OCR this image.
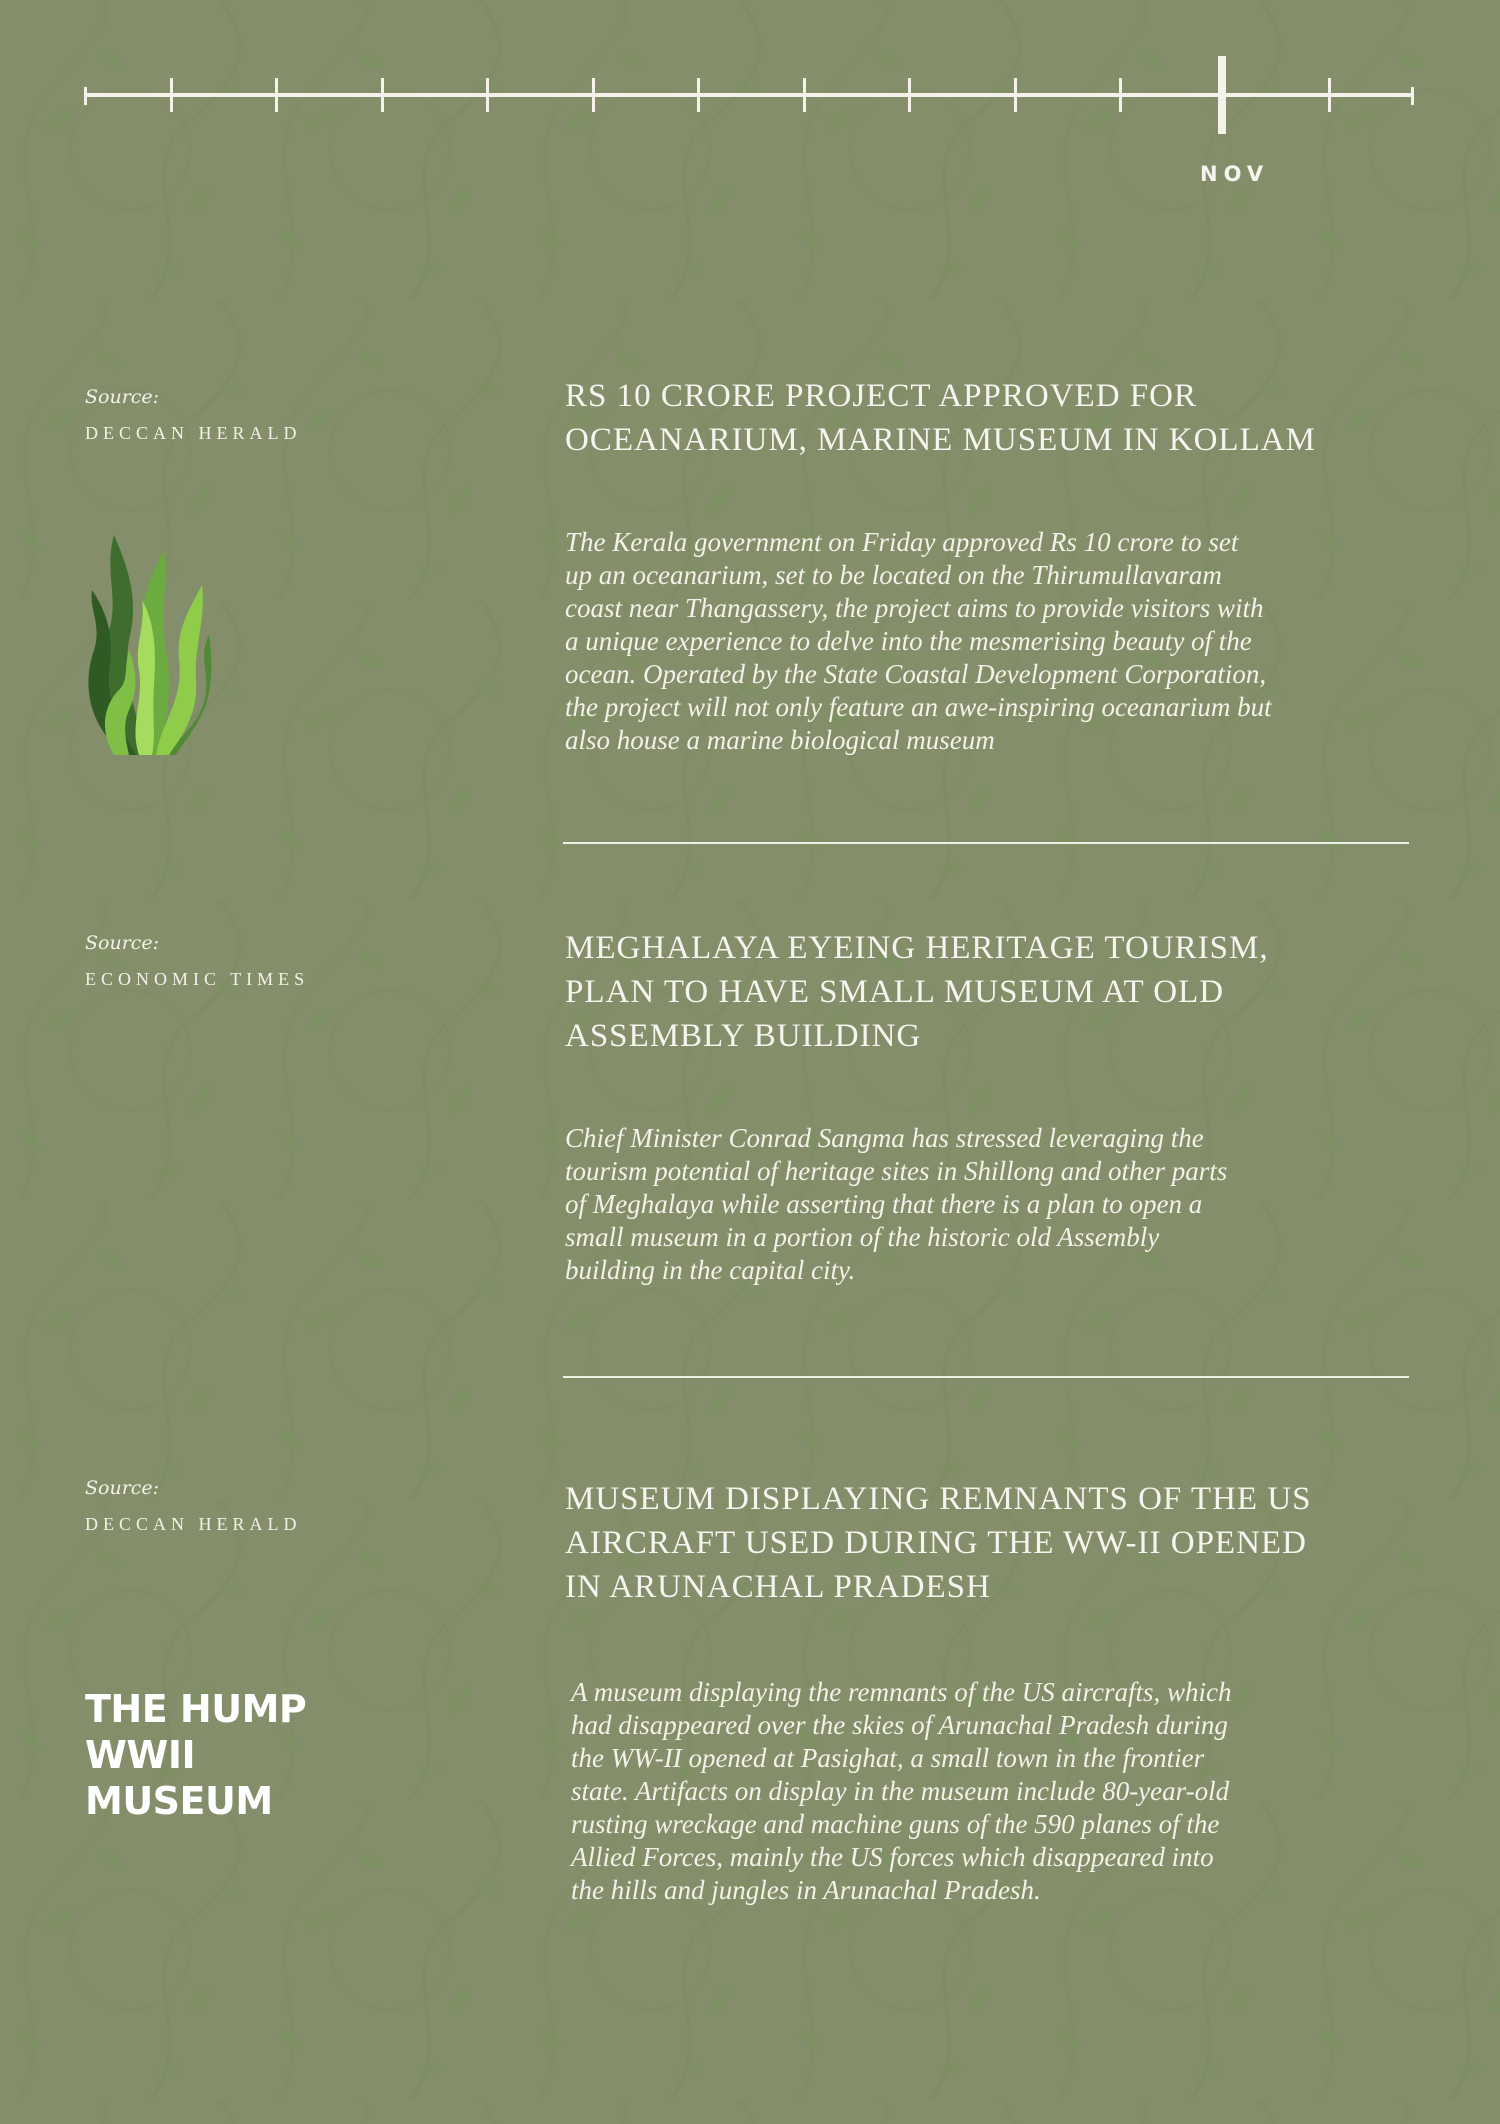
NOV
Source:
DECCAN HERALD
RS 10 CRORE PROJECT APPROVED FOR
OCEANARIUM, MARINE MUSEUM IN KOLLAM
The Kerala government on Friday approved Rs 10 crore to set
up an oceanarium, set to be located on the Thirumullavaram
coast near Thangassery, the project aims to provide visitors with
a unique experience to delve into the mesmerising beauty of the
ocean. Operated by the State Coastal Development Corporation,
the project will not only feature an awe-inspiring oceanarium but
also house a marine biological museum
Source:
ECONOMIC TIMES
MEGHALAYA EYEING HERITAGE TOURISM,
PLAN TO HAVE SMALL MUSEUM AT OLD
ASSEMBLY BUILDING
Chief Minister Conrad Sangma has stressed leveraging the
tourism potential of heritage sites in Shillong and other parts
of Meghalaya while asserting that there is a plan to open a
small museum in a portion of the historic old Assembly
building in the capital city.
Source:
DECCAN HERALD
MUSEUM DISPLAYING REMNANTS OF THE US
AIRCRAFT USED DURING THE WW-II OPENED
IN ARUNACHAL PRADESH
A museum displaying the remnants of the US aircrafts, which
had disappeared over the skies of Arunachal Pradesh during
the WW-II opened at Pasighat, a small town in the frontier
state. Artifacts on display in the museum include 80-year-old
rusting wreckage and machine guns of the 590 planes of the
Allied Forces, mainly the US forces which disappeared into
the hills and jungles in Arunachal Pradesh.
THE HUMP
WWII
MUSEUM
